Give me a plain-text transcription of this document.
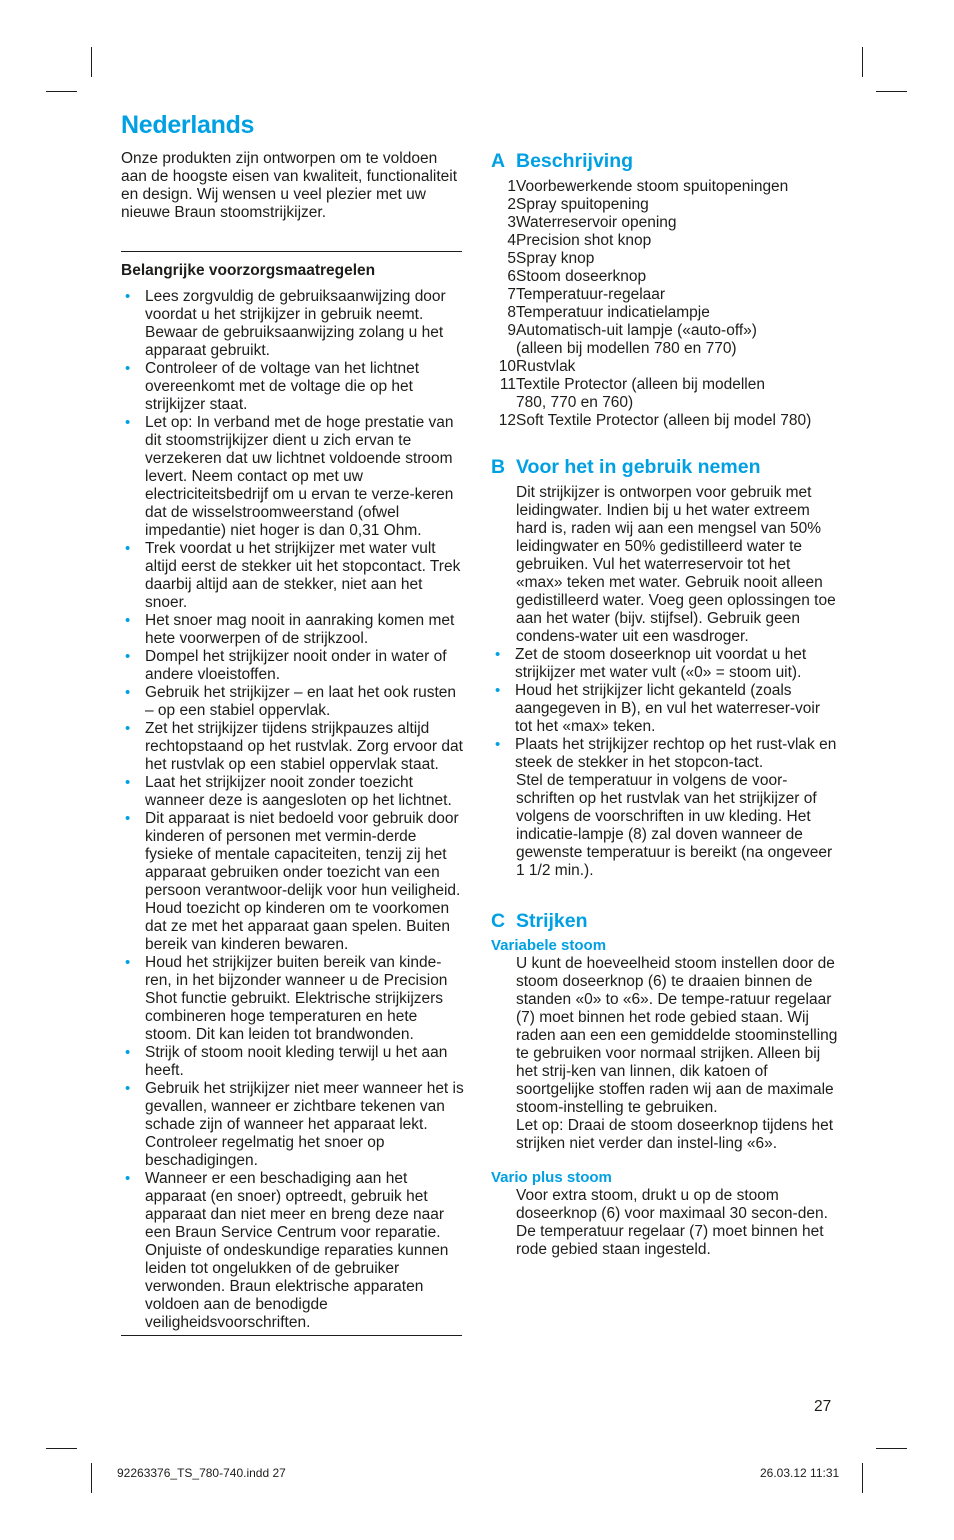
Nederlands

Onze produkten zijn ontworpen om te voldoen aan de hoogste eisen van kwaliteit, functionaliteit en design. Wij wensen u veel plezier met uw nieuwe Braun stoomstrijkijzer.

Belangrijke voorzorgsmaatregelen

• Lees zorgvuldig de gebruiksaanwijzing door voordat u het strijkijzer in gebruik neemt. Bewaar de gebruiksaanwijzing zolang u het apparaat gebruikt.
• Controleer of de voltage van het lichtnet overeenkomt met de voltage die op het strijkijzer staat.
• Let op: In verband met de hoge prestatie van dit stoomstrijkijzer dient u zich ervan te verzekeren dat uw lichtnet voldoende stroom levert. Neem contact op met uw electriciteitsbedrijf om u ervan te verze-keren dat de wisselstroomweerstand (ofwel impedantie) niet hoger is dan 0,31 Ohm.
• Trek voordat u het strijkijzer met water vult altijd eerst de stekker uit het stopcontact. Trek daarbij altijd aan de stekker, niet aan het snoer.
• Het snoer mag nooit in aanraking komen met hete voorwerpen of de strijkzool.
• Dompel het strijkijzer nooit onder in water of andere vloeistoffen.
• Gebruik het strijkijzer – en laat het ook rusten – op een stabiel oppervlak.
• Zet het strijkijzer tijdens strijkpauzes altijd rechtopstaand op het rustvlak. Zorg ervoor dat het rustvlak op een stabiel oppervlak staat.
• Laat het strijkijzer nooit zonder toezicht wanneer deze is aangesloten op het lichtnet.
• Dit apparaat is niet bedoeld voor gebruik door kinderen of personen met vermin-derde fysieke of mentale capaciteiten, tenzij zij het apparaat gebruiken onder toezicht van een persoon verantwoor-delijk voor hun veiligheid. Houd toezicht op kinderen om te voorkomen dat ze met het apparaat gaan spelen. Buiten bereik van kinderen bewaren.
• Houd het strijkijzer buiten bereik van kinde-ren, in het bijzonder wanneer u de Precision Shot functie gebruikt. Elektrische strijkijzers combineren hoge temperaturen en hete stoom. Dit kan leiden tot brandwonden.
• Strijk of stoom nooit kleding terwijl u het aan heeft.
• Gebruik het strijkijzer niet meer wanneer het is gevallen, wanneer er zichtbare tekenen van schade zijn of wanneer het apparaat lekt. Controleer regelmatig het snoer op beschadigingen.
• Wanneer er een beschadiging aan het apparaat (en snoer) optreedt, gebruik het apparaat dan niet meer en breng deze naar een Braun Service Centrum voor reparatie. Onjuiste of ondeskundige reparaties kunnen leiden tot ongelukken of de gebruiker verwonden. Braun elektrische apparaten voldoen aan de benodigde veiligheidsvoorschriften.
A Beschrijving
1 Voorbewerkende stoom spuitopeningen
2 Spray spuitopening
3 Waterreservoir opening
4 Precision shot knop
5 Spray knop
6 Stoom doseerknop
7 Temperatuur-regelaar
8 Temperatuur indicatielampje
9 Automatisch-uit lampje («auto-off»)
(alleen bij modellen 780 en 770)
10 Rustvlak
11 Textile Protector (alleen bij modellen
780, 770 en 760)
12 Soft Textile Protector (alleen bij model 780)
B Voor het in gebruik nemen

Dit strijkijzer is ontworpen voor gebruik met leidingwater. Indien bij u het water extreem hard is, raden wij aan een mengsel van 50% leidingwater en 50% gedistilleerd water te gebruiken. Vul het waterreservoir tot het «max» teken met water. Gebruik nooit alleen gedistilleerd water. Voeg geen oplossingen toe aan het water (bijv. stijfsel). Gebruik geen condens-water uit een wasdroger.

• Zet de stoom doseerknop uit voordat u het strijkijzer met water vult («0» = stoom uit).
• Houd het strijkijzer licht gekanteld (zoals aangegeven in B), en vul het waterreser-voir tot het «max» teken.
• Plaats het strijkijzer rechtop op het rust-vlak en steek de stekker in het stopcon-tact.

Stel de temperatuur in volgens de voor-schriften op het rustvlak van het strijkijzer of volgens de voorschriften in uw kleding. Het indicatie-lampje (8) zal doven wanneer de gewenste temperatuur is bereikt (na ongeveer 1 1/2 min.).

C Strijken

Variabele stoom

U kunt de hoeveelheid stoom instellen door de stoom doseerknop (6) te draaien binnen de standen «0» to «6». De tempe-ratuur regelaar (7) moet binnen het rode gebied staan. Wij raden aan een een gemiddelde stoominstelling te gebruiken voor normaal strijken. Alleen bij het strij-ken van linnen, dik katoen of soortgelijke stoffen raden wij aan de maximale stoom-instelling te gebruiken.

Let op: Draai de stoom doseerknop tijdens het strijken niet verder dan instel-ling «6».

Vario plus stoom

Voor extra stoom, drukt u op de stoom doseerknop (6) voor maximaal 30 secon-den.

De temperatuur regelaar (7) moet binnen het rode gebied staan ingesteld.

27

92263376_TS_780-740.indd 27	26.03.12 11:31
